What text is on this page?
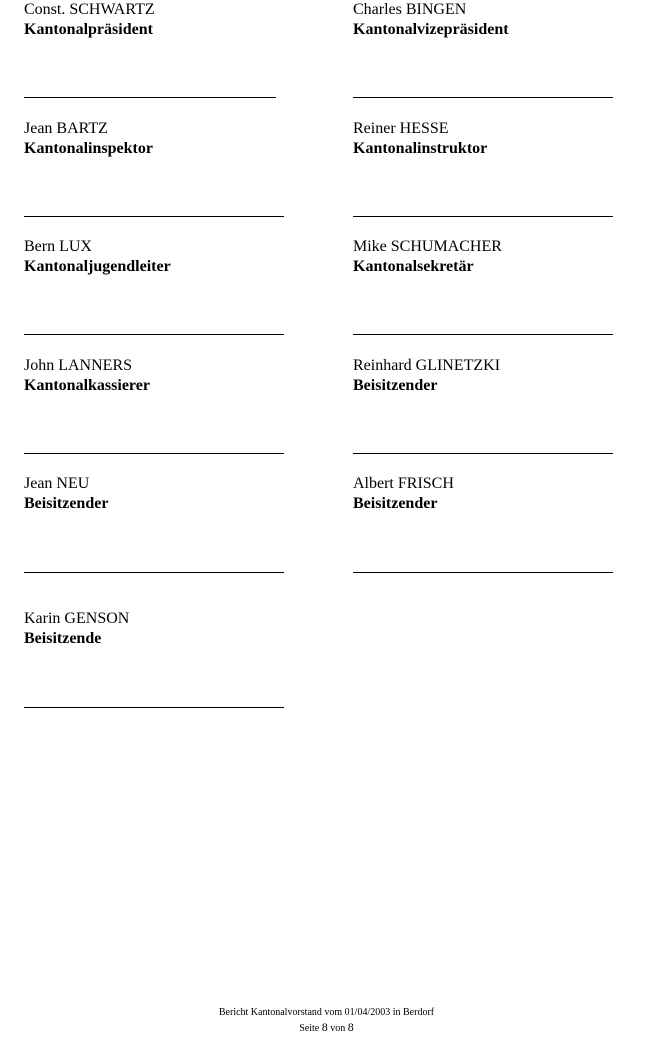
Const. SCHWARTZ
Kantonalpräsident
Charles BINGEN
Kantonalvizepräsident
Jean BARTZ
Kantonalinspektor
Reiner HESSE
Kantonalinstruktor
Bern LUX
Kantonaljugendleiter
Mike SCHUMACHER
Kantonalsekretär
John LANNERS
Kantonalkassierer
Reinhard GLINETZKI
Beisitzender
Jean NEU
Beisitzender
Albert FRISCH
Beisitzender
Karin GENSON
Beisitzende
Bericht Kantonalvorstand vom 01/04/2003 in Berdorf
Seite 8 von 8
